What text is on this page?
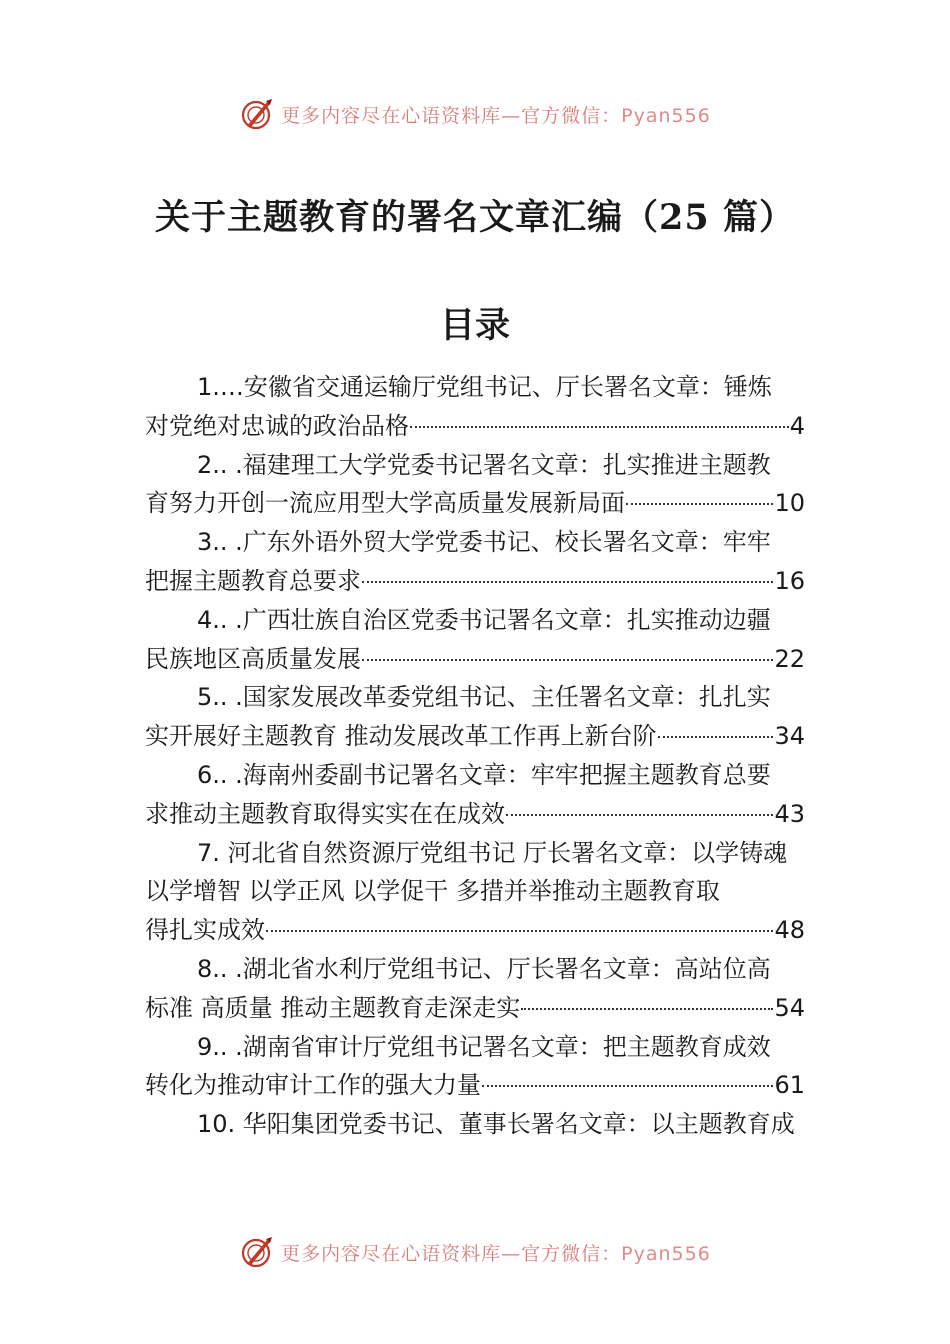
更多内容尽在心语资料库—官方微信：Pyan556
关于主题教育的署名文章汇编（25 篇）
目录
1.…安徽省交通运输厅党组书记、厅长署名文章：锤炼
对党绝对忠诚的政治品格	4
2.. .福建理工大学党委书记署名文章：扎实推进主题教
育努力开创一流应用型大学高质量发展新局面	10
3.. .广东外语外贸大学党委书记、校长署名文章：牢牢
把握主题教育总要求	16
4.. .广西壮族自治区党委书记署名文章：扎实推动边疆
民族地区高质量发展	22
5.. .国家发展改革委党组书记、主任署名文章：扎扎实
实开展好主题教育 推动发展改革工作再上新台阶	34
6.. .海南州委副书记署名文章：牢牢把握主题教育总要
求推动主题教育取得实实在在成效	43
7. 河北省自然资源厅党组书记 厅长署名文章：以学铸魂
以学增智 以学正风 以学促干 多措并举推动主题教育取
得扎实成效	48
8.. .湖北省水利厅党组书记、厅长署名文章：高站位高
标准 高质量 推动主题教育走深走实	54
9.. .湖南省审计厅党组书记署名文章：把主题教育成效
转化为推动审计工作的强大力量	61
10. 华阳集团党委书记、董事长署名文章：以主题教育成
更多内容尽在心语资料库—官方微信：Pyan556
